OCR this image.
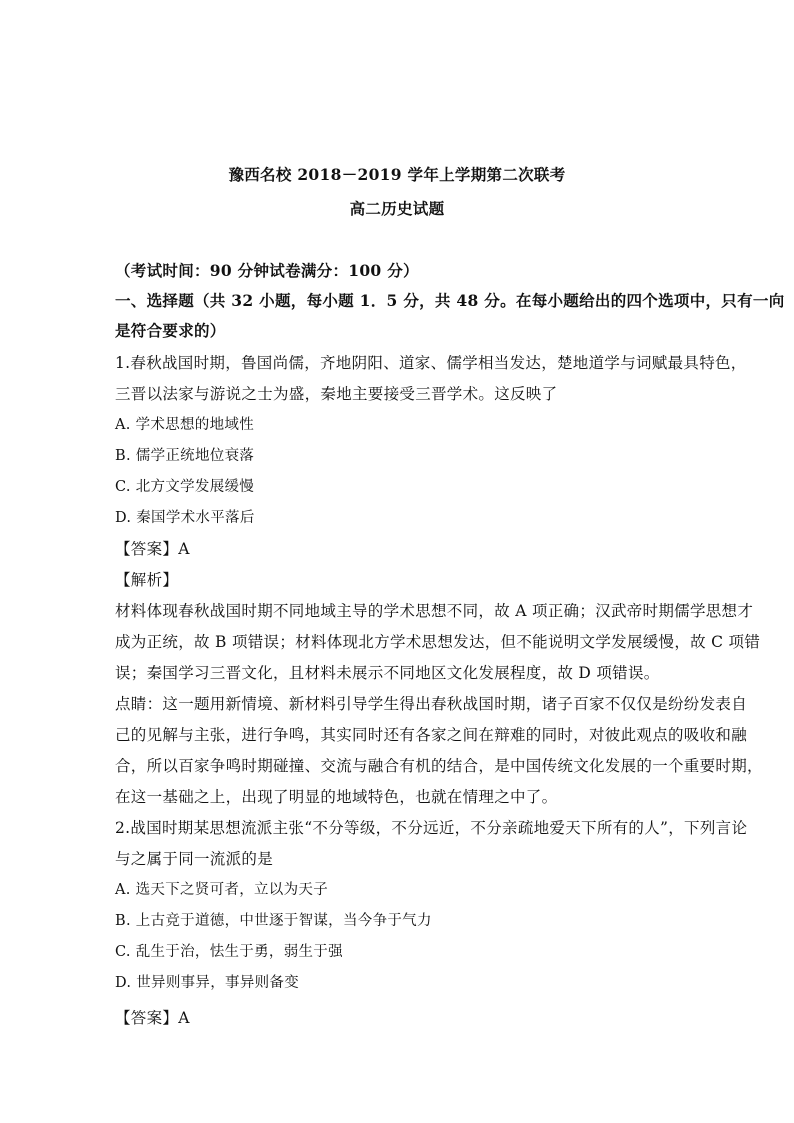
豫西名校 2018－2019 学年上学期第二次联考
高二历史试题
（考试时间：90 分钟试卷满分：100 分）
一、选择题（共 32 小题，每小题 1．5 分，共 48 分。在每小题给出的四个选项中，只有一向
是符合要求的）
1.春秋战国时期，鲁国尚儒，齐地阴阳、道家、儒学相当发达，楚地道学与词赋最具特色，
三晋以法家与游说之士为盛，秦地主要接受三晋学术。这反映了
A. 学术思想的地域性
B. 儒学正统地位衰落
C. 北方文学发展缓慢
D. 秦国学术水平落后
【答案】A
【解析】
材料体现春秋战国时期不同地域主导的学术思想不同，故 A 项正确；汉武帝时期儒学思想才
成为正统，故 B 项错误；材料体现北方学术思想发达，但不能说明文学发展缓慢，故 C 项错
误；秦国学习三晋文化，且材料未展示不同地区文化发展程度，故 D 项错误。
点睛：这一题用新情境、新材料引导学生得出春秋战国时期，诸子百家不仅仅是纷纷发表自
己的见解与主张，进行争鸣，其实同时还有各家之间在辩难的同时，对彼此观点的吸收和融
合，所以百家争鸣时期碰撞、交流与融合有机的结合，是中国传统文化发展的一个重要时期，
在这一基础之上，出现了明显的地域特色，也就在情理之中了。
2.战国时期某思想流派主张“不分等级，不分远近，不分亲疏地爱天下所有的人”，下列言论
与之属于同一流派的是
A. 选天下之贤可者，立以为天子
B. 上古竞于道德，中世逐于智谋，当今争于气力
C. 乱生于治，怯生于勇，弱生于强
D. 世异则事异，事异则备变
【答案】A
